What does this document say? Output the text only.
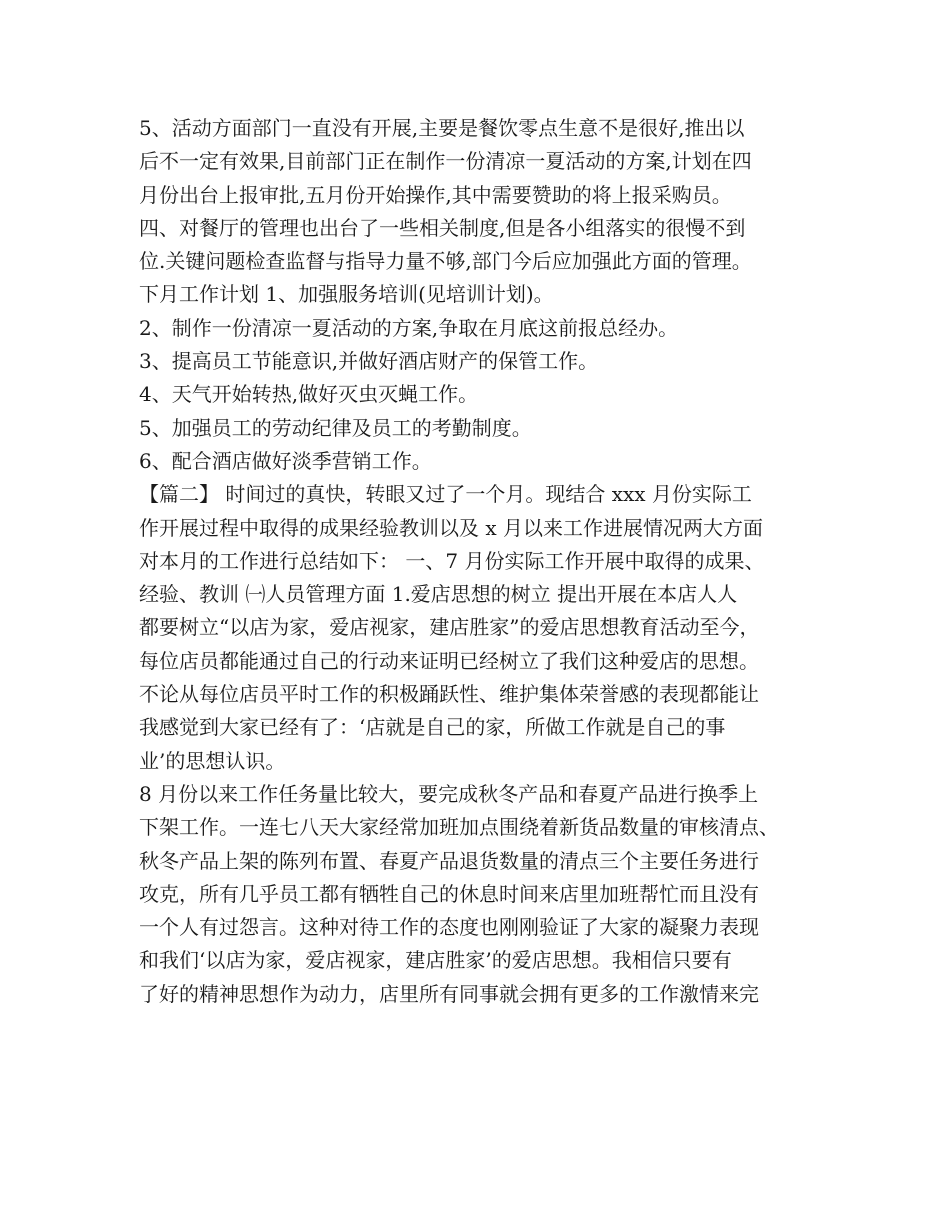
5、活动方面部门一直没有开展,主要是餐饮零点生意不是很好,推出以
后不一定有效果,目前部门正在制作一份清凉一夏活动的方案,计划在四
月份出台上报审批,五月份开始操作,其中需要赞助的将上报采购员。
四、对餐厅的管理也出台了一些相关制度,但是各小组落实的很慢不到
位.关键问题检查监督与指导力量不够,部门今后应加强此方面的管理。
下月工作计划 1、加强服务培训(见培训计划)。
2、制作一份清凉一夏活动的方案,争取在月底这前报总经办。
3、提高员工节能意识,并做好酒店财产的保管工作。
4、天气开始转热,做好灭虫灭蝇工作。
5、加强员工的劳动纪律及员工的考勤制度。
6、配合酒店做好淡季营销工作。
【篇二】 时间过的真快，转眼又过了一个月。现结合 xxx 月份实际工
作开展过程中取得的成果经验教训以及 x 月以来工作进展情况两大方面
对本月的工作进行总结如下： 一、7 月份实际工作开展中取得的成果、
经验、教训 ㈠人员管理方面 1.爱店思想的树立 提出开展在本店人人
都要树立“以店为家，爱店视家，建店胜家”的爱店思想教育活动至今，
每位店员都能通过自己的行动来证明已经树立了我们这种爱店的思想。
不论从每位店员平时工作的积极踊跃性、维护集体荣誉感的表现都能让
我感觉到大家已经有了：‘店就是自己的家，所做工作就是自己的事
业’的思想认识。
8 月份以来工作任务量比较大，要完成秋冬产品和春夏产品进行换季上
下架工作。一连七八天大家经常加班加点围绕着新货品数量的审核清点、
秋冬产品上架的陈列布置、春夏产品退货数量的清点三个主要任务进行
攻克，所有几乎员工都有牺牲自己的休息时间来店里加班帮忙而且没有
一个人有过怨言。这种对待工作的态度也刚刚验证了大家的凝聚力表现
和我们‘以店为家，爱店视家，建店胜家’的爱店思想。我相信只要有
了好的精神思想作为动力，店里所有同事就会拥有更多的工作激情来完
